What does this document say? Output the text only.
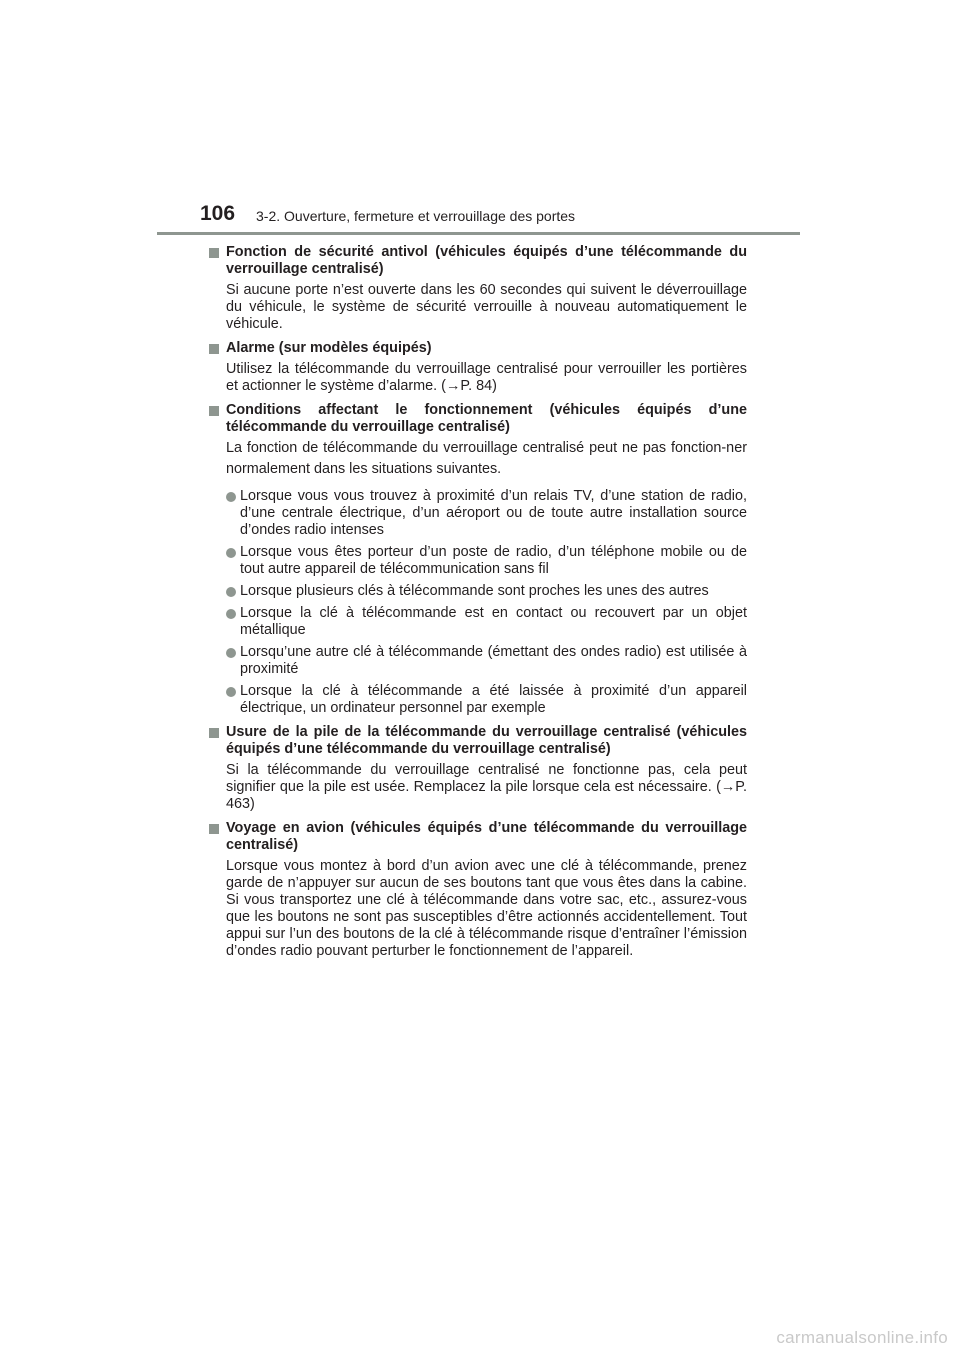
106 3-2. Ouverture, fermeture et verrouillage des portes
Fonction de sécurité antivol (véhicules équipés d’une télécommande du verrouillage centralisé)
Si aucune porte n’est ouverte dans les 60 secondes qui suivent le déverrouillage du véhicule, le système de sécurité verrouille à nouveau automatiquement le véhicule.
Alarme (sur modèles équipés)
Utilisez la télécommande du verrouillage centralisé pour verrouiller les portières et actionner le système d’alarme. (→P. 84)
Conditions affectant le fonctionnement (véhicules équipés d’une télécommande du verrouillage centralisé)
La fonction de télécommande du verrouillage centralisé peut ne pas fonction-ner normalement dans les situations suivantes.
Lorsque vous vous trouvez à proximité d’un relais TV, d’une station de radio, d’une centrale électrique, d’un aéroport ou de toute autre installation source d’ondes radio intenses
Lorsque vous êtes porteur d’un poste de radio, d’un téléphone mobile ou de tout autre appareil de télécommunication sans fil
Lorsque plusieurs clés à télécommande sont proches les unes des autres
Lorsque la clé à télécommande est en contact ou recouvert par un objet métallique
Lorsqu’une autre clé à télécommande (émettant des ondes radio) est utilisée à proximité
Lorsque la clé à télécommande a été laissée à proximité d’un appareil électrique, un ordinateur personnel par exemple
Usure de la pile de la télécommande du verrouillage centralisé (véhicules équipés d’une télécommande du verrouillage centralisé)
Si la télécommande du verrouillage centralisé ne fonctionne pas, cela peut signifier que la pile est usée. Remplacez la pile lorsque cela est nécessaire. (→P. 463)
Voyage en avion (véhicules équipés d’une télécommande du verrouillage centralisé)
Lorsque vous montez à bord d’un avion avec une clé à télécommande, prenez garde de n’appuyer sur aucun de ses boutons tant que vous êtes dans la cabine. Si vous transportez une clé à télécommande dans votre sac, etc., assurez-vous que les boutons ne sont pas susceptibles d’être actionnés accidentellement. Tout appui sur l’un des boutons de la clé à télécommande risque d’entraîner l’émission d’ondes radio pouvant perturber le fonctionnement de l’appareil.
carmanualsonline.info
